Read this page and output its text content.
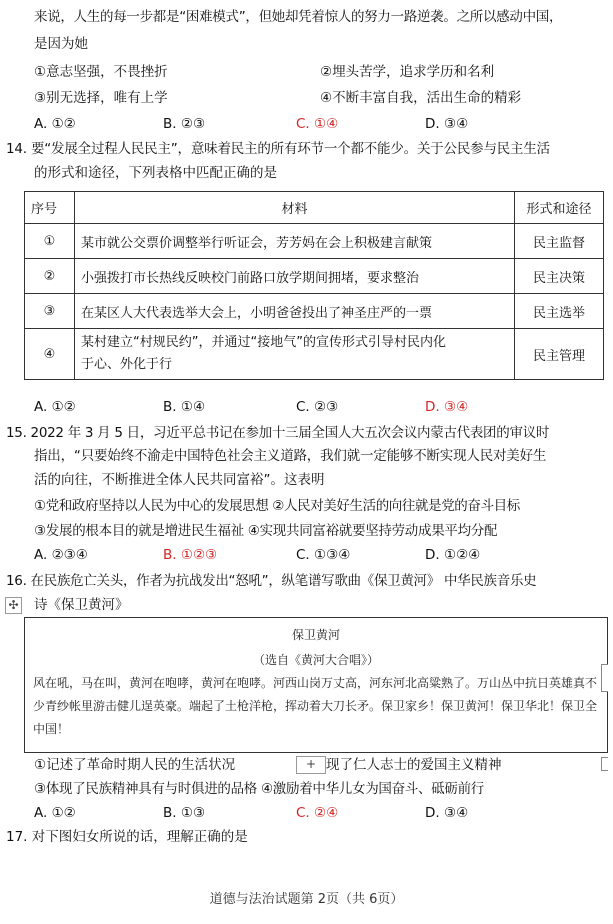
来说，人生的每一步都是“困难模式”，但她却凭着惊人的努力一路逆袭。之所以感动中国，
是因为她
①意志坚强，不畏挫折	②埋头苦学，追求学历和名利
③别无选择，唯有上学	④不断丰富自我，活出生命的精彩
A. ①②	B. ②③	C. ①④	D. ③④
14. 要“发展全过程人民民主”，意味着民主的所有环节一个都不能少。关于公民参与民主生活
的形式和途径，下列表格中匹配正确的是
序号	材料	形式和途径
①	某市就公交票价调整举行听证会，芳芳妈在会上积极建言献策	民主监督
②	小强拨打市长热线反映校门前路口放学期间拥堵，要求整治	民主决策
③	在某区人大代表选举大会上，小明爸爸投出了神圣庄严的一票	民主选举
④	某村建立“村规民约”，并通过“接地气”的宣传形式引导村民内化
于心、外化于行	民主管理
A. ①②	B. ①④	C. ②③	D. ③④
15. 2022 年 3 月 5 日，习近平总书记在参加十三届全国人大五次会议内蒙古代表团的审议时
指出，“只要始终不渝走中国特色社会主义道路，我们就一定能够不断实现人民对美好生
活的向往，不断推进全体人民共同富裕”。这表明
①党和政府坚持以人民为中心的发展思想 ②人民对美好生活的向往就是党的奋斗目标
③发展的根本目的就是增进民生福祉 ④实现共同富裕就要坚持劳动成果平均分配
A. ②③④	B. ①②③	C. ①③④	D. ①②④
16. 在民族危亡关头，作者为抗战发出“怒吼”，纵笔谱写歌曲《保卫黄河》 中华民族音乐史
✣ 诗《保卫黄河》
保卫黄河
（选自《黄河大合唱》）
风在吼，马在叫，黄河在咆哮，黄河在咆哮。河西山岗万丈高，河东河北高粱熟了。万山丛中抗日英雄真不少青纱帐里游击健儿逞英豪。端起了土枪洋枪，挥动着大刀长矛。保卫家乡！保卫黄河！保卫华北！保卫全中国！
①记述了革命时期人民的生活状况	+ 现了仁人志士的爱国主义精神
③体现了民族精神具有与时俱进的品格 ④激励着中华儿女为国奋斗、砥砺前行
A. ①②	B. ①③	C. ②④	D. ③④
17. 对下图妇女所说的话，理解正确的是
道德与法治试题第 2页（共 6页）
